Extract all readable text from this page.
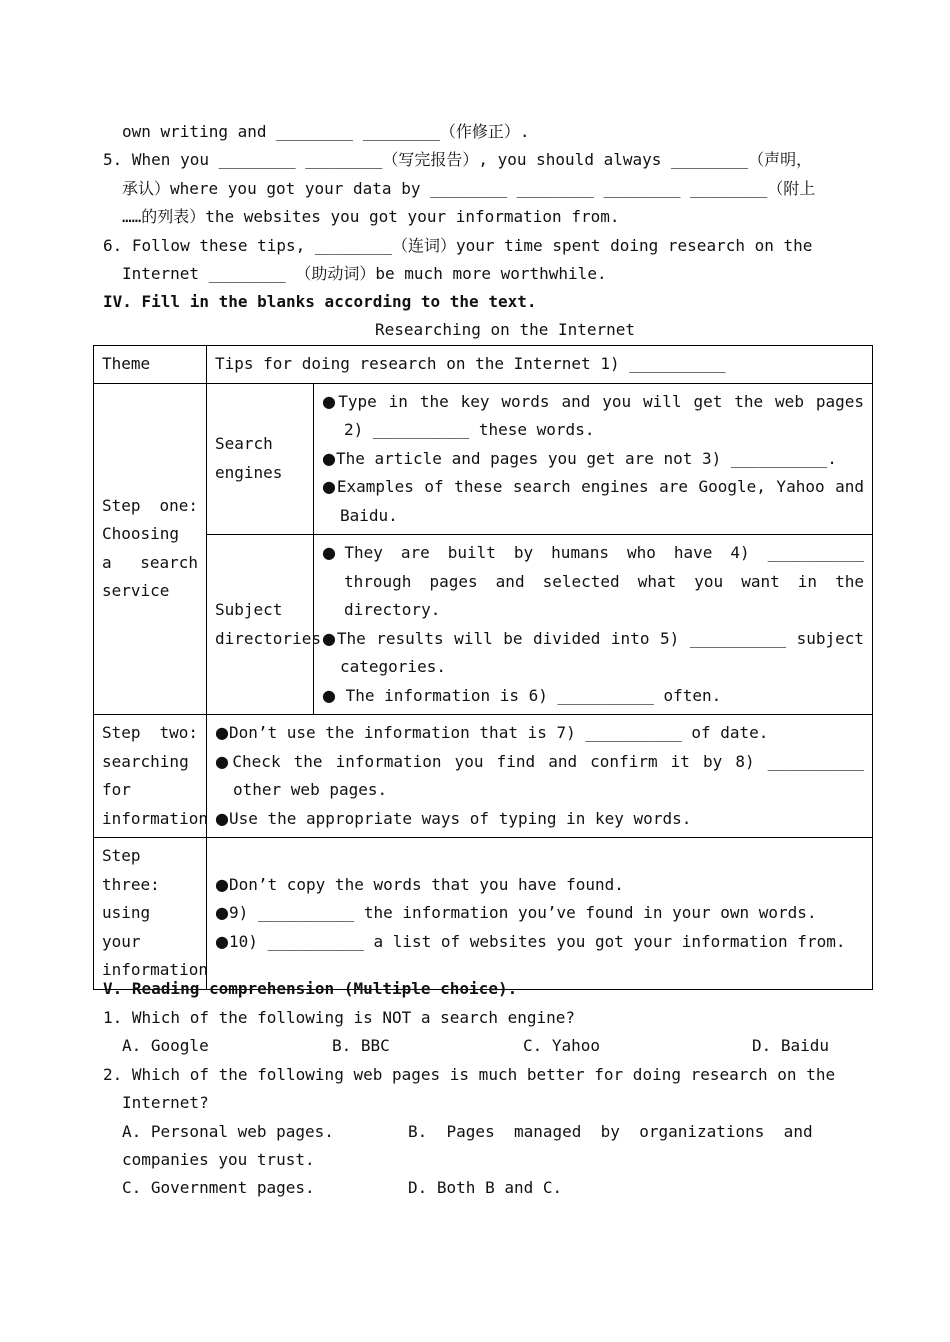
own writing and ________ ________（作修正）.
5. When you ________ ________（写完报告）, you should always ________（声明，
承认）where you got your data by ________ ________ ________ ________（附上
……的列表）the websites you got your information from.
6. Follow these tips, ________（连词）your time spent doing research on the
Internet ________ （助动词）be much more worthwhile.
IV. Fill in the blanks according to the text.
Researching on the Internet
Theme	Tips for doing research on the Internet 1) __________	

Step one: Choosing a search service	Search engines	●Type in the key words and you will get the web pages 2) __________ these words.

●The article and pages you get are not 3) __________.

●Examples of these search engines are Google, Yahoo and Baidu.

	Subject directories	●They are built by humans who have 4) __________ through pages and selected what you want in the directory.

●The results will be divided into 5) __________ subject categories.

● The information is 6) __________ often.

Step two: searching for information	●Don’t use the information that is 7) __________ of date.

●Check the information you find and confirm it by 8) __________ other web pages.

●Use the appropriate ways of typing in key words.	

Step three: using your information	●Don’t copy the words that you have found.

●9) __________ the information you’ve found in your own words.

●10) __________ a list of websites you got your information from.	

V. Reading comprehension (Multiple choice).
1. Which of the following is NOT a search engine?
A. Google	B. BBC	C. Yahoo	D. Baidu
2. Which of the following web pages is much better for doing research on the
Internet?
A. Personal web pages.	B.  Pages  managed  by  organizations  and
companies you trust.
C. Government pages.	D. Both B and C.
